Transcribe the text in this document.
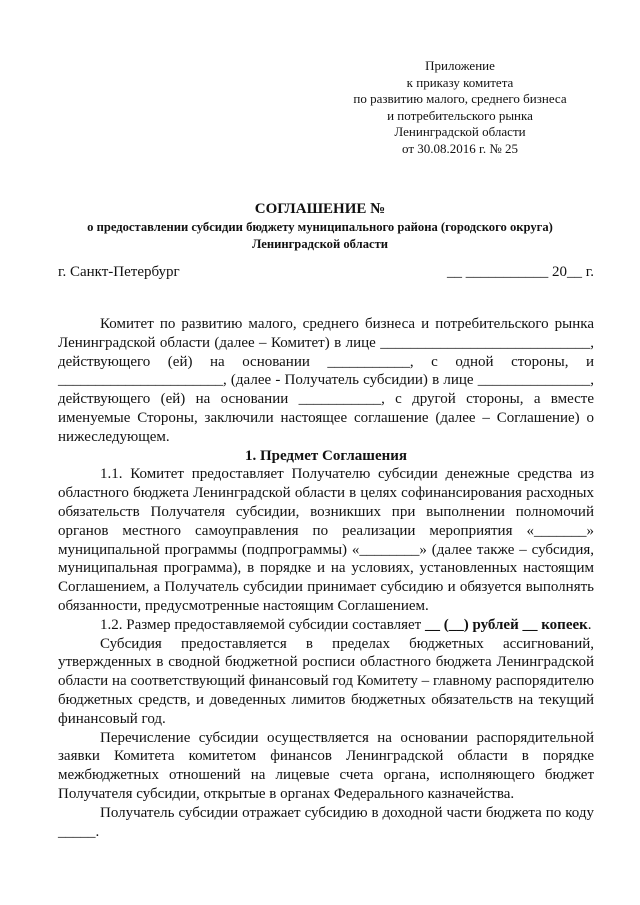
Приложение
к приказу комитета
по развитию малого, среднего бизнеса
и потребительского рынка
Ленинградской области
от 30.08.2016 г. № 25
СОГЛАШЕНИЕ №
о предоставлении субсидии бюджету муниципального района (городского округа)
Ленинградской области
г. Санкт-Петербург	__ ___________ 20__ г.

Комитет по развитию малого, среднего бизнеса и потребительского рынка Ленинградской области (далее – Комитет) в лице ____________________________, действующего (ей) на основании ___________, с одной стороны, и ______________________, (далее - Получатель субсидии) в лице _______________, действующего (ей) на основании ___________, с другой стороны, а вместе именуемые Стороны, заключили настоящее соглашение (далее – Соглашение) о нижеследующем.

1. Предмет Соглашения

1.1. Комитет предоставляет Получателю субсидии денежные средства из областного бюджета Ленинградской области в целях софинансирования расходных обязательств Получателя субсидии, возникших при выполнении полномочий органов местного самоуправления по реализации мероприятия «_______» муниципальной программы (подпрограммы) «________» (далее также – субсидия, муниципальная программа), в порядке и на условиях, установленных настоящим Соглашением, а Получатель субсидии принимает субсидию и обязуется выполнять обязанности, предусмотренные настоящим Соглашением.

1.2. Размер предоставляемой субсидии составляет __ (__) рублей __ копеек.

Субсидия предоставляется в пределах бюджетных ассигнований, утвержденных в сводной бюджетной росписи областного бюджета Ленинградской области на соответствующий финансовый год Комитету – главному распорядителю бюджетных средств, и доведенных лимитов бюджетных обязательств на текущий финансовый год.

Перечисление субсидии осуществляется на основании распорядительной заявки Комитета комитетом финансов Ленинградской области в порядке межбюджетных отношений на лицевые счета органа, исполняющего бюджет Получателя субсидии, открытые в органах Федерального казначейства.

Получатель субсидии отражает субсидию в доходной части бюджета по коду _____.
